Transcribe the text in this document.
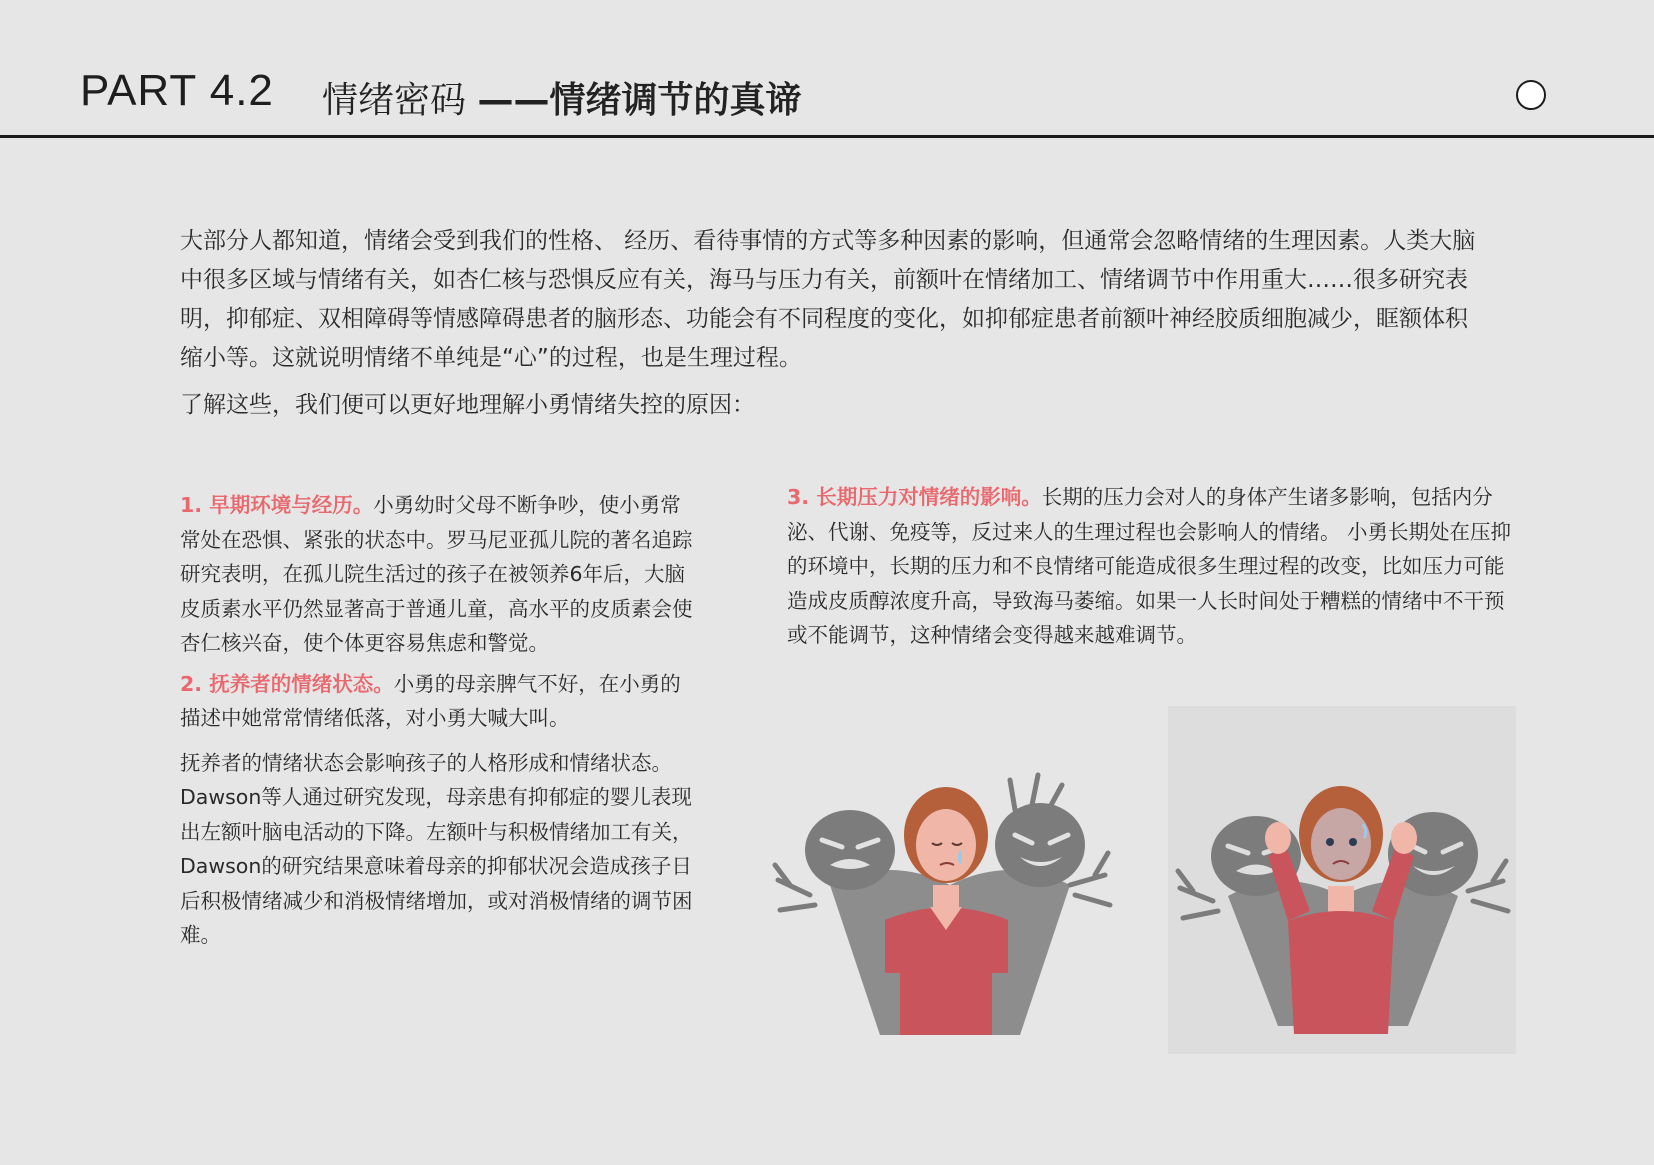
PART 4.2 情绪密码 ——情绪调节的真谛

大部分人都知道，情绪会受到我们的性格、 经历、看待事情的方式等多种因素的影响，但通常会忽略情绪的生理因素。人类大脑中很多区域与情绪有关，如杏仁核与恐惧反应有关，海马与压力有关，前额叶在情绪加工、情绪调节中作用重大……很多研究表明，抑郁症、双相障碍等情感障碍患者的脑形态、功能会有不同程度的变化，如抑郁症患者前额叶神经胶质细胞减少，眶额体积缩小等。这就说明情绪不单纯是“心”的过程，也是生理过程。

了解这些，我们便可以更好地理解小勇情绪失控的原因：

1. 早期环境与经历。小勇幼时父母不断争吵，使小勇常常处在恐惧、紧张的状态中。罗马尼亚孤儿院的著名追踪研究表明，在孤儿院生活过的孩子在被领养6年后，大脑皮质素水平仍然显著高于普通儿童，高水平的皮质素会使杏仁核兴奋，使个体更容易焦虑和警觉。

2. 抚养者的情绪状态。小勇的母亲脾气不好，在小勇的描述中她常常情绪低落，对小勇大喊大叫。

抚养者的情绪状态会影响孩子的人格形成和情绪状态。Dawson等人通过研究发现，母亲患有抑郁症的婴儿表现出左额叶脑电活动的下降。左额叶与积极情绪加工有关，Dawson的研究结果意味着母亲的抑郁状况会造成孩子日后积极情绪减少和消极情绪增加，或对消极情绪的调节困难。

3. 长期压力对情绪的影响。长期的压力会对人的身体产生诸多影响，包括内分泌、代谢、免疫等，反过来人的生理过程也会影响人的情绪。 小勇长期处在压抑的环境中，长期的压力和不良情绪可能造成很多生理过程的改变，比如压力可能造成皮质醇浓度升高，导致海马萎缩。如果一人长时间处于糟糕的情绪中不干预或不能调节，这种情绪会变得越来越难调节。
